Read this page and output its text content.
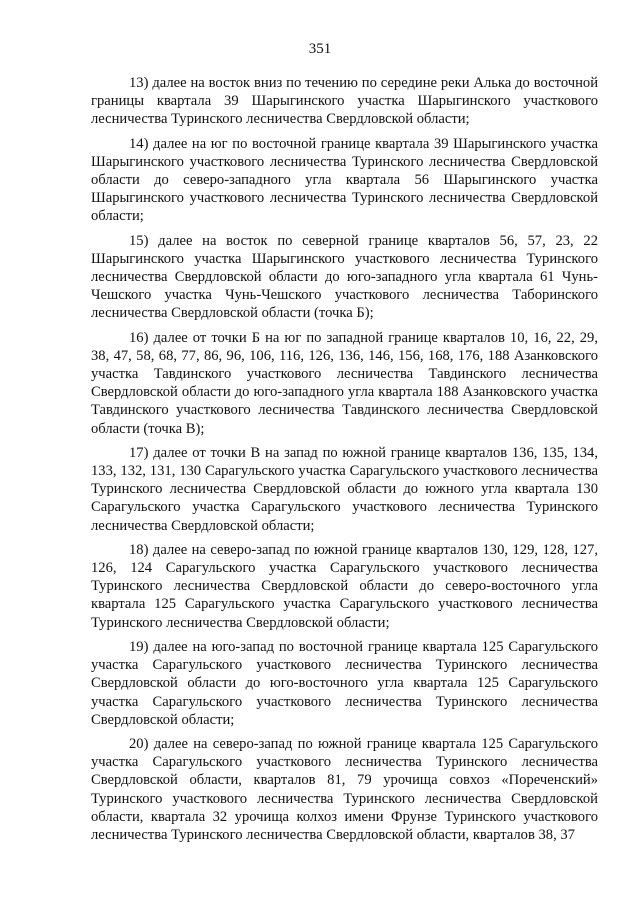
351

13) далее на восток вниз по течению по середине реки Алька до восточной границы квартала 39 Шарыгинского участка Шарыгинского участкового лесничества Туринского лесничества Свердловской области;

14) далее на юг по восточной границе квартала 39 Шарыгинского участка Шарыгинского участкового лесничества Туринского лесничества Свердловской области до северо-западного угла квартала 56 Шарыгинского участка Шарыгинского участкового лесничества Туринского лесничества Свердловской области;

15) далее на восток по северной границе кварталов 56, 57, 23, 22 Шарыгинского участка Шарыгинского участкового лесничества Туринского лесничества Свердловской области до юго-западного угла квартала 61 Чунь-Чешского участка Чунь-Чешского участкового лесничества Таборинского лесничества Свердловской области (точка Б);

16) далее от точки Б на юг по западной границе кварталов 10, 16, 22, 29, 38, 47, 58, 68, 77, 86, 96, 106, 116, 126, 136, 146, 156, 168, 176, 188 Азанковского участка Тавдинского участкового лесничества Тавдинского лесничества Свердловской области до юго-западного угла квартала 188 Азанковского участка Тавдинского участкового лесничества Тавдинского лесничества Свердловской области (точка В);

17) далее от точки В на запад по южной границе кварталов 136, 135, 134, 133, 132, 131, 130 Сарагульского участка Сарагульского участкового лесничества Туринского лесничества Свердловской области до южного угла квартала 130 Сарагульского участка Сарагульского участкового лесничества Туринского лесничества Свердловской области;

18) далее на северо-запад по южной границе кварталов 130, 129, 128, 127, 126, 124 Сарагульского участка Сарагульского участкового лесничества Туринского лесничества Свердловской области до северо-восточного угла квартала 125 Сарагульского участка Сарагульского участкового лесничества Туринского лесничества Свердловской области;

19) далее на юго-запад по восточной границе квартала 125 Сарагульского участка Сарагульского участкового лесничества Туринского лесничества Свердловской области до юго-восточного угла квартала 125 Сарагульского участка Сарагульского участкового лесничества Туринского лесничества Свердловской области;

20) далее на северо-запад по южной границе квартала 125 Сарагульского участка Сарагульского участкового лесничества Туринского лесничества Свердловской области, кварталов 81, 79 урочища совхоз «Пореченский» Туринского участкового лесничества Туринского лесничества Свердловской области, квартала 32 урочища колхоз имени Фрунзе Туринского участкового лесничества Туринского лесничества Свердловской области, кварталов 38, 37
